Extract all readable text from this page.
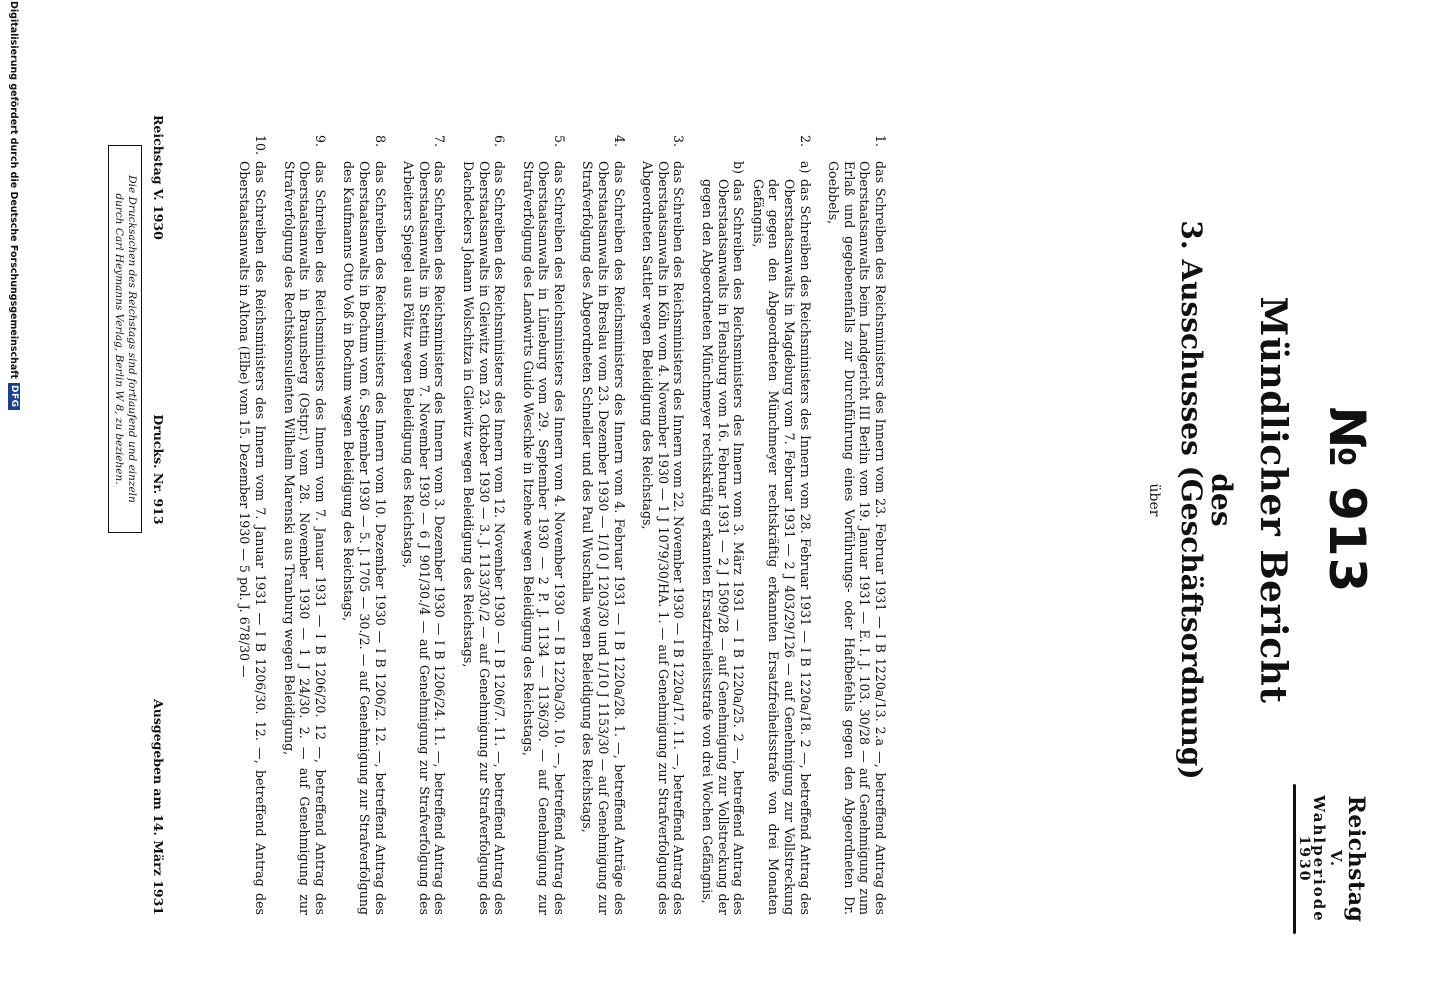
Reichstag
V. Wahlperiode
1930
№ 913
Mündlicher Bericht
des
3. Ausschusses (Geschäftsordnung)
über
1.
das Schreiben des Reichsministers des Innern vom 23. Februar 1931 — I B 1220a/13. 2.a —, betreffend Antrag des Oberstaatsanwalts beim Landgericht III Berlin vom 19. Januar 1931 — E. I. J. 103. 30/28 — auf Genehmigung zum Erlaß und gegebenenfalls zur Durchführung eines Vorführungs- oder Haftbefehls gegen den Abgeordneten Dr. Goebbels,
2.
a)
das Schreiben des Reichsministers des Innern vom 28. Februar 1931 — I B 1220a/18. 2 —, betreffend Antrag des Oberstaatsanwalts in Magdeburg vom 7. Februar 1931 — 2 J 403/29/126 — auf Genehmigung zur Vollstreckung der gegen den Abgeordneten Münchmeyer rechtskräftig erkannten Ersatzfreiheitsstrafe von drei Monaten Gefängnis,
b)
das Schreiben des Reichsministers des Innern vom 3. März 1931 — I B 1220a/25. 2 —, betreffend Antrag des Oberstaatsanwalts in Flensburg vom 16. Februar 1931 — 2 J 1509/28 — auf Genehmigung zur Vollstreckung der gegen den Abgeordneten Münchmeyer rechtskräftig erkannten Ersatzfreiheitsstrafe von drei Wochen Gefängnis,
3.
das Schreiben des Reichsministers des Innern vom 22. November 1930 — I B 1220a/17. 11. —, betreffend Antrag des Oberstaatsanwalts in Köln vom 4. November 1930 — 1 J 1079/30/HA. 1. — auf Genehmigung zur Strafverfolgung des Abgeordneten Sattler wegen Beleidigung des Reichstags,
4.
das Schreiben des Reichsministers des Innern vom 4. Februar 1931 — I B 1220a/28. 1. —, betreffend Anträge des Oberstaatsanwalts in Breslau vom 23. Dezember 1930 — 1/10 J 1203/30 und 1/10 J 1153/30 — auf Genehmigung zur Strafverfolgung des Abgeordneten Schneller und des Paul Wuschalla wegen Beleidigung des Reichstags,
5.
das Schreiben des Reichsministers des Innern vom 4. November 1930 — I B 1220a/30. 10. —, betreffend Antrag des Oberstaatsanwalts in Lüneburg vom 29. September 1930 — 2 P. J. 1134 — 1136/30. — auf Genehmigung zur Strafverfolgung des Landwirts Guido Weschke in Itzehoe wegen Beleidigung des Reichstags,
6.
das Schreiben des Reichsministers des Innern vom 12. November 1930 — I B 1206/7. 11. —, betreffend Antrag des Oberstaatsanwalts in Gleiwitz vom 23. Oktober 1930 — 3. J. 1133/30./2 — auf Genehmigung zur Strafverfolgung des Dachdeckers Johann Wolschitza in Gleiwitz wegen Beleidigung des Reichstags,
7.
das Schreiben des Reichsministers des Innern vom 3. Dezember 1930 — I B 1206/24. 11. —, betreffend Antrag des Oberstaatsanwalts in Stettin vom 7. November 1930 — 6 J 901/30./4 — auf Genehmigung zur Strafverfolgung des Arbeiters Spiegel aus Pölitz wegen Beleidigung des Reichstags,
8.
das Schreiben des Reichsministers des Innern vom 10. Dezember 1930 — I B 1206/2. 12. —, betreffend Antrag des Oberstaatsanwalts in Bochum vom 6. September 1930 — 5. J. 1705 — 30./2. — auf Genehmigung zur Strafverfolgung des Kaufmanns Otto Voß in Bochum wegen Beleidigung des Reichstags,
9.
das Schreiben des Reichsministers des Innern vom 7. Januar 1931 — I B 1206/20. 12 —, betreffend Antrag des Oberstaatsanwalts in Braunsberg (Ostpr.) vom 28. November 1930 — 1 J 24/30. 2. — auf Genehmigung zur Strafverfolgung des Rechtskonsulenten Wilhelm Marenski aus Tranburg wegen Beleidigung,
10.
das Schreiben des Reichsministers des Innern vom 7. Januar 1931 — I B 1206/30. 12. —, betreffend Antrag des Oberstaatsanwalts in Altona (Elbe) vom 15. Dezember 1930 — 5 pol. J. 678/30 —
Reichstag V. 1930
Drucks. Nr. 913
Ausgegeben am 14. März 1931
Die Drucksachen des Reichstags sind fortlaufend und einzeln
durch Carl Heymanns Verlag, Berlin W 8, zu beziehen.
Digitalisierung gefördert durch die Deutsche Forschungsgemeinschaft
DFG
